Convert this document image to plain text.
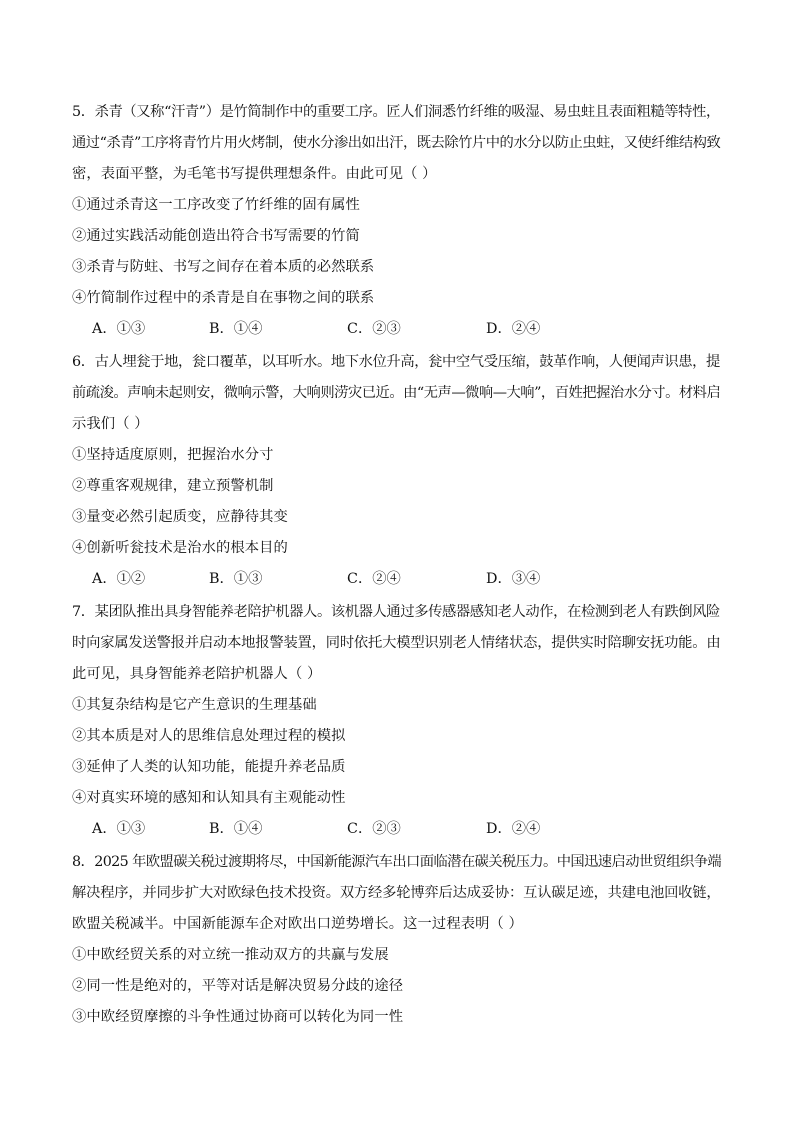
5．杀青（又称“汗青”）是竹简制作中的重要工序。匠人们洞悉竹纤维的吸湿、易虫蛀且表面粗糙等特性，
通过“杀青”工序将青竹片用火烤制，使水分渗出如出汗，既去除竹片中的水分以防止虫蛀，又使纤维结构致
密，表面平整，为毛笔书写提供理想条件。由此可见（ ）
①通过杀青这一工序改变了竹纤维的固有属性
②通过实践活动能创造出符合书写需要的竹简
③杀青与防蛀、书写之间存在着本质的必然联系
④竹简制作过程中的杀青是自在事物之间的联系
A．①③	B．①④	C．②③	D．②④
6．古人埋瓮于地，瓮口覆革，以耳听水。地下水位升高，瓮中空气受压缩，鼓革作响，人便闻声识患，提
前疏浚。声响未起则安，微响示警，大响则涝灾已近。由“无声—微响—大响”，百姓把握治水分寸。材料启
示我们（ ）
①坚持适度原则，把握治水分寸
②尊重客观规律，建立预警机制
③量变必然引起质变，应静待其变
④创新听瓮技术是治水的根本目的
A．①②	B．①③	C．②④	D．③④
7．某团队推出具身智能养老陪护机器人。该机器人通过多传感器感知老人动作，在检测到老人有跌倒风险
时向家属发送警报并启动本地报警装置，同时依托大模型识别老人情绪状态，提供实时陪聊安抚功能。由
此可见，具身智能养老陪护机器人（ ）
①其复杂结构是它产生意识的生理基础
②其本质是对人的思维信息处理过程的模拟
③延伸了人类的认知功能，能提升养老品质
④对真实环境的感知和认知具有主观能动性
A．①③	B．①④	C．②③	D．②④
8．2025 年欧盟碳关税过渡期将尽，中国新能源汽车出口面临潜在碳关税压力。中国迅速启动世贸组织争端
解决程序，并同步扩大对欧绿色技术投资。双方经多轮博弈后达成妥协：互认碳足迹，共建电池回收链，
欧盟关税减半。中国新能源车企对欧出口逆势增长。这一过程表明（ ）
①中欧经贸关系的对立统一推动双方的共赢与发展
②同一性是绝对的，平等对话是解决贸易分歧的途径
③中欧经贸摩擦的斗争性通过协商可以转化为同一性
